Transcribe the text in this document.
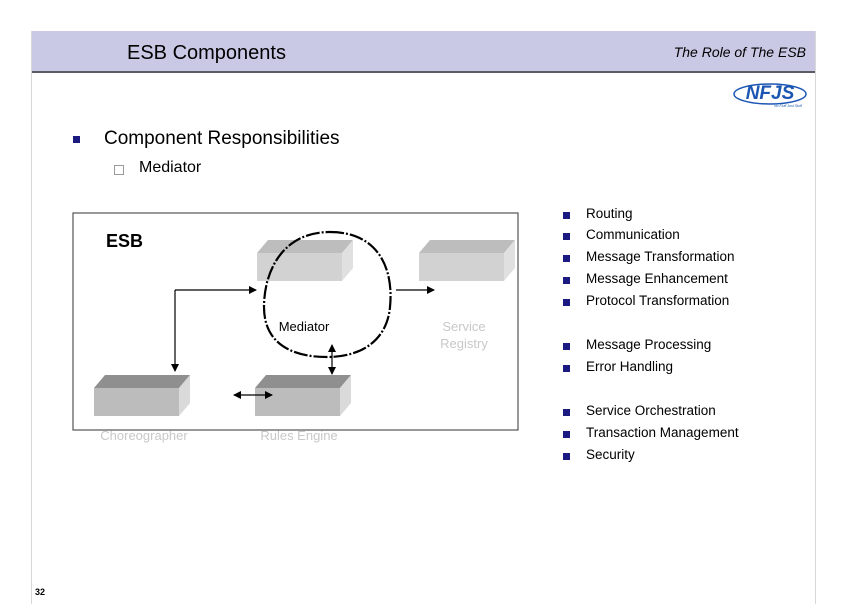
ESB Components	The Role of The ESB
NFJS
No Fluff Just Stuff
Component Responsibilities
Mediator
ESB
Mediator	Service
Registry
Choreographer	Rules Engine
Routing
Communication
Message Transformation
Message Enhancement
Protocol Transformation
Message Processing
Error Handling
Service Orchestration
Transaction Management
Security
32
